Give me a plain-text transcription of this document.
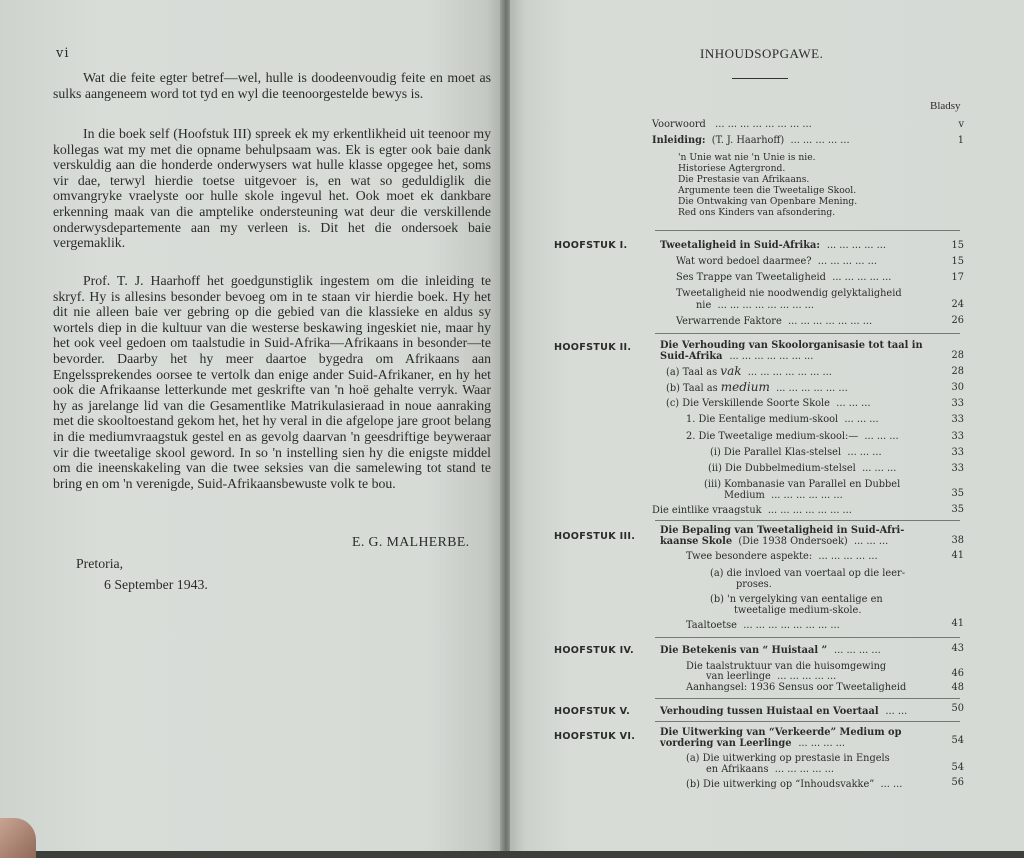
vi

Wat die feite egter betref—wel, hulle is doodeenvoudig feite en moet as sulks aangeneem word tot tyd en wyl die teenoorgestelde bewys is.

In die boek self (Hoofstuk III) spreek ek my erkentlikheid uit teenoor my kollegas wat my met die opname behulpsaam was. Ek is egter ook baie dank verskuldig aan die honderde onderwysers wat hulle klasse opgegee het, soms vir dae, terwyl hierdie toetse uitgevoer is, en wat so geduldiglik die omvangryke vraelyste oor hulle skole ingevul het. Ook moet ek dankbare erkenning maak van die amptelike ondersteuning wat deur die verskillende onderwysdepartemente aan my verleen is. Dit het die ondersoek baie vergemaklik.

Prof. T. J. Haarhoff het goedgunstiglik ingestem om die inleiding te skryf. Hy is allesins besonder bevoeg om in te staan vir hierdie boek. Hy het dit nie alleen baie ver gebring op die gebied van die klassieke en aldus sy wortels diep in die kultuur van die westerse beskawing ingeskiet nie, maar hy het ook veel gedoen om taalstudie in Suid-Afrika—Afrikaans in besonder—te bevorder. Daarby het hy meer daartoe bygedra om Afrikaans aan Engelssprekendes oorsee te vertolk dan enige ander Suid-Afrikaner, en hy het ook die Afrikaanse letterkunde met geskrifte van 'n hoë gehalte verryk. Waar hy as jarelange lid van die Gesamentlike Matrikulasieraad in noue aanraking met die skooltoestand gekom het, het hy veral in die afgelope jare groot belang in die mediumvraagstuk gestel en as gevolg daarvan 'n geesdriftige beywerаar vir die tweetalige skool geword. In so 'n instelling sien hy die enigste middel om die ineenskakeling van die twee seksies van die samelewing tot stand te bring en om 'n verenigde, Suid-Afrikaansbewuste volk te bou.

E. G. MALHERBE.
Pretoria,
6 September 1943.
INHOUDSOPGAWE.
Bladsy
Voorwoord ... ... ... ... ... ... ... ...	v
Inleiding: (T. J. Haarhoff) ... ... ... ... ...	1
'n Unie wat nie 'n Unie is nie.
Historiese Agtergrond.
Die Prestasie van Afrikaans.
Argumente teen die Tweetalige Skool.
Die Ontwaking van Openbare Mening.
Red ons Kinders van afsondering.
HOOFSTUK I.	Tweetaligheid in Suid-Afrika: ... ... ... ... ...	15
Wat word bedoel daarmee? ... ... ... ... ...	15
Ses Trappe van Tweetaligheid ... ... ... ... ...	17
Tweetaligheid nie noodwendig gelyktaligheid
nie ... ... ... ... ... ... ... ...	24
Verwarrende Faktore ... ... ... ... ... ... ...	26
HOOFSTUK II.	Die Verhouding van Skoolorganisasie tot taal in
Suid-Afrika ... ... ... ... ... ... ...	28
(a) Taal as vak ... ... ... ... ... ... ...	28
(b) Taal as medium ... ... ... ... ... ...	30
(c) Die Verskillende Soorte Skole ... ... ...	33
1. Die Eentalige medium-skool ... ... ...	33
2. Die Tweetalige medium-skool:— ... ... ...	33
(i) Die Parallel Klas-stelsel ... ... ...	33
(ii) Die Dubbelmedium-stelsel ... ... ...	33
(iii) Kombanasie van Parallel en Dubbel
Medium ... ... ... ... ... ...	35
Die eintlike vraagstuk ... ... ... ... ... ... ...	35
HOOFSTUK III.
Die Bepaling van Tweetaligheid in Suid-Afri-
kaanse Skole (Die 1938 Ondersoek) ... ... ...	38
Twee besondere aspekte: ... ... ... ... ...	41
(a) die invloed van voertaal op die leer-
proses.
(b) 'n vergelyking van eentalige en
tweetalige medium-skole.
Taaltoetse ... ... ... ... ... ... ... ...	41
HOOFSTUK IV.	Die Betekenis van “ Huistaal ” ... ... ... ...	43
Die taalstruktuur van die huisomgewing
van leerlinge ... ... ... ... ...	46
Aanhangsel: 1936 Sensus oor Tweetaligheid	48
HOOFSTUK V.	Verhouding tussen Huistaal en Voertaal ... ...	50
HOOFSTUK VI.	Die Uitwerking van “Verkeerde” Medium op
vordering van Leerlinge ... ... ... ...	54
(a) Die uitwerking op prestasie in Engels
en Afrikaans ... ... ... ... ...	54
(b) Die uitwerking op “Inhoudsvakke” ... ...	56
